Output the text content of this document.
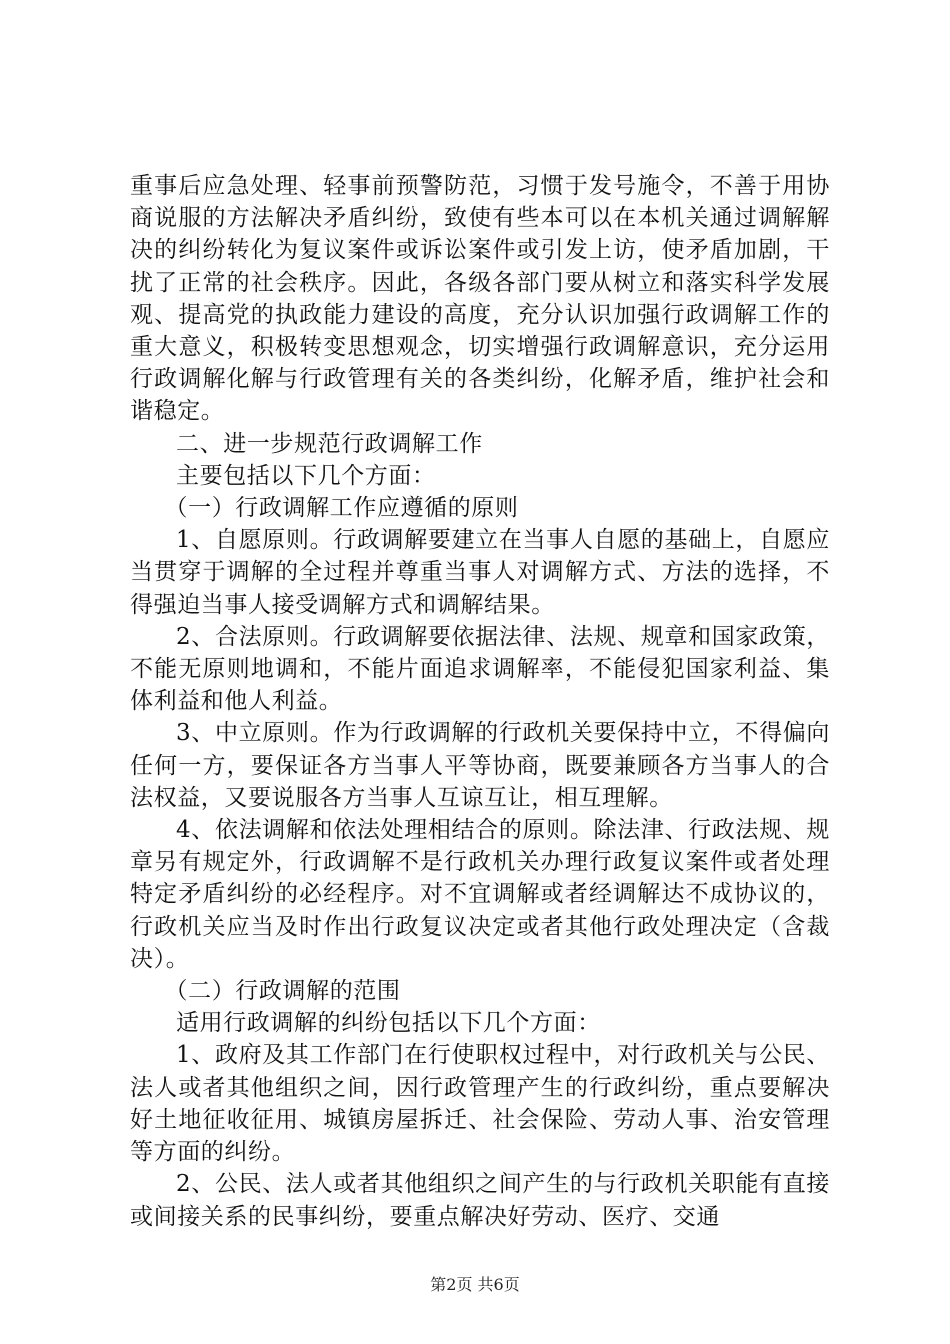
重事后应急处理、轻事前预警防范，习惯于发号施令，不善于用协商说服的方法解决矛盾纠纷，致使有些本可以在本机关通过调解解决的纠纷转化为复议案件或诉讼案件或引发上访，使矛盾加剧，干扰了正常的社会秩序。因此，各级各部门要从树立和落实科学发展观、提高党的执政能力建设的高度，充分认识加强行政调解工作的重大意义，积极转变思想观念，切实增强行政调解意识，充分运用行政调解化解与行政管理有关的各类纠纷，化解矛盾，维护社会和谐稳定。

二、进一步规范行政调解工作

主要包括以下几个方面：

（一）行政调解工作应遵循的原则

1、自愿原则。行政调解要建立在当事人自愿的基础上，自愿应当贯穿于调解的全过程并尊重当事人对调解方式、方法的选择，不得强迫当事人接受调解方式和调解结果。

2、合法原则。行政调解要依据法律、法规、规章和国家政策，不能无原则地调和，不能片面追求调解率，不能侵犯国家利益、集体利益和他人利益。

3、中立原则。作为行政调解的行政机关要保持中立，不得偏向任何一方，要保证各方当事人平等协商，既要兼顾各方当事人的合法权益，又要说服各方当事人互谅互让，相互理解。

4、依法调解和依法处理相结合的原则。除法津、行政法规、规章另有规定外，行政调解不是行政机关办理行政复议案件或者处理特定矛盾纠纷的必经程序。对不宜调解或者经调解达不成协议的，行政机关应当及时作出行政复议决定或者其他行政处理决定（含裁决）。

（二）行政调解的范围

适用行政调解的纠纷包括以下几个方面：

1、政府及其工作部门在行使职权过程中，对行政机关与公民、法人或者其他组织之间，因行政管理产生的行政纠纷，重点要解决好土地征收征用、城镇房屋拆迁、社会保险、劳动人事、治安管理等方面的纠纷。

2、公民、法人或者其他组织之间产生的与行政机关职能有直接或间接关系的民事纠纷，要重点解决好劳动、医疗、交通

第2页 共6页
